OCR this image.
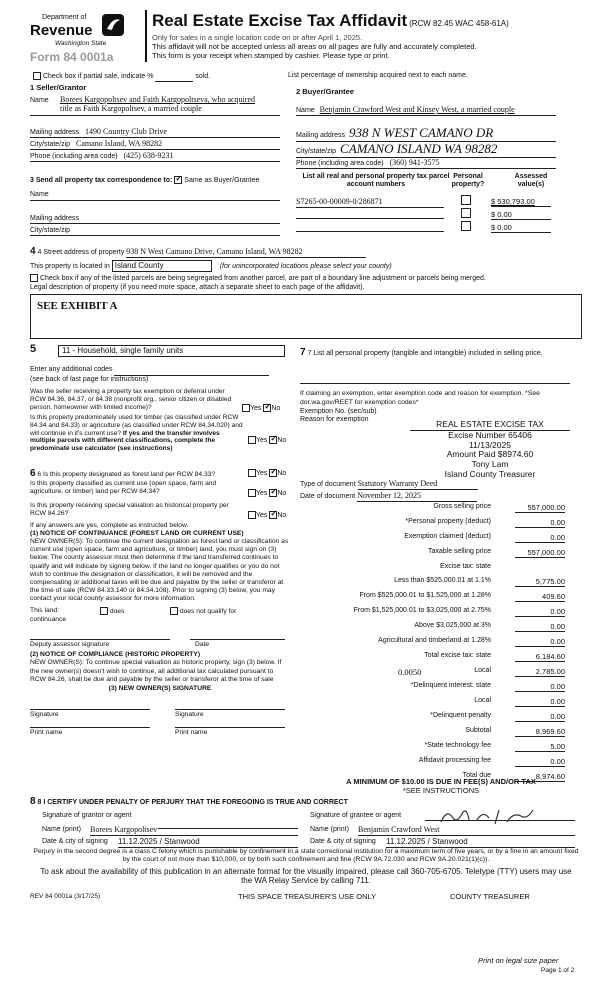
Department of
Revenue
Washington State
Form 84 0001a
Real Estate Excise Tax Affidavit (RCW 82.45 WAC 458-61A)
Only for sales in a single location code on or after April 1, 2025.
This affidavit will not be accepted unless all areas on all pages are fully and accurately completed.
This form is your receipt when stamped by cashier. Please type or print.
Check box if partial sale, indicate %	sold.	List percentage of ownership acquired next to each name.
1 Seller/Grantor
Name Borees Kargopoltsev and Faith Kargopoltseva, who acquired
title as Faith Kargopoltsev, a married couple
Mailing address 1490 Country Club Drive
City/state/zip Camano Island, WA 98282
Phone (including area code) (425) 638-9231
2 Buyer/Grantee
Name Benjamin Crawford West and Kinsey West, a married couple
Mailing address 938 N WEST CAMANO DR
City/state/zip CAMANO ISLAND WA 98282
Phone (including area code) (360) 941-3575
3 Send all property tax correspondence to: ✓ Same as Buyer/Grantee
Name
Mailing address
City/state/zip
List all real and personal property tax parcel account numbers
Personal property?
Assessed value(s)
S7265-00-00009-0/286871	$ 530,793.00
$ 0.00
$ 0.00
4 4 Street address of property 938 N West Camano Drive, Camano Island, WA 98282
This property is located in Island County	(for unincorporated locations please select your county)
Check box if any of the listed parcels are being segregated from another parcel, are part of a boundary line adjustment or parcels being merged.
Legal description of property (if you need more space, attach a separate sheet to each page of the affidavit).
SEE EXHIBIT A
5	11 - Household, single family units
Enter any additional codes
(see back of last page for instructions)
Was the seller receiving a property tax exemption or deferral under RCW 84.36, 84.37, or 84.38 (nonprofit org., senior citizen or disabled person, homeowner with limited income)?	Yes ✓ No
Is this property predominately used for timber (as classified under RCW 84.34 and 84.33) or agriculture (as classified under RCW 84.34.020) and will continue in it's current use? If yes and the transfer involves multiple parcels with different classifications, complete the predominate use calculator (see instructions)
Yes ✓ No
6 6 Is this property designated as forest land per RCW 84.33?	Yes ✓ No
Is this property classified as current use (open space, farm and agriculture, or timber) land per RCW 84.34?	Yes ✓ No
Is this property receiving special valuation as historical property per RCW 84.26?	Yes ✓ No
If any answers are yes, complete as instructed below.
(1) NOTICE OF CONTINUANCE (FOREST LAND OR CURRENT USE)
NEW OWNER(S): To continue the current designation as forest land or classification as current use (open space, farm and agriculture, or timber) land, you must sign on (3) below. The county assessor must then determine if the land transferred continues to qualify and will indicate by signing below. If the land no longer qualifies or you do not wish to continue the designation or classification, it will be removed and the compensating or additional taxes will be due and payable by the seller or transferor at the time of sale (RCW 84.33.140 or 84.34.108). Prior to signing (3) below, you may contact your local county assessor for more information.
This land:	does	does not qualify for
continuance

Deputy assessor signature	Date
(2) NOTICE OF COMPLIANCE (HISTORIC PROPERTY)
NEW OWNER(S): To continue special valuation as historic property, sign (3) below. If the new owner(s) doesn't wish to continue, all additional tax calculated pursuant to RCW 84.26, shall be due and payable by the seller or transferor at the time of sale
(3) NEW OWNER(S) SIGNATURE

Signature	Signature

Print name	Print name
7 7 List all personal property (tangible and intangible) included in selling price.

If claiming an exemption, enter exemption code and reason for exemption. *See dor.wa.gov/REET for exemption codes*
Exemption No. (sec/sub)
Reason for exemption	REAL ESTATE EXCISE TAX
Excise Number 65406
11/13/2025
Amount Paid $8974.60
Tony Lam
Island County Treasurer
Type of document Statutory Warranty Deed
Date of document November 12, 2025
Gross selling price	557,000.00
*Personal property (deduct)	0.00
Exemption claimed (deduct)	0.00
Taxable selling price	557,000.00
Excise tax: state
Less than $525,000.01 at 1.1%	5,775.00
From $525,000.01 to $1,525,000 at 1.28%	409.60
From $1,525,000.01 to $3,025,000 at 2.75%	0.00
Above $3,025,000 at 3%	0.00
Agricultural and timberland at 1.28%	0.00
Total excise tax: state	6,184.60
0.0050	Local	2,785.00
*Delinquent interest: state	0.00
Local	0.00
*Delinquent penalty	0.00
Subtotal	8,969.60
*State technology fee	5.00
Affidavit processing fee	0.00
Total due	8,974.60
A MINIMUM OF $10.00 IS DUE IN FEE(S) AND/OR TAX
*SEE INSTRUCTIONS
8 8 I CERTIFY UNDER PENALTY OF PERJURY THAT THE FOREGOING IS TRUE AND CORRECT
Signature of grantor or agent
	Signature of grantee or agent
Name (print) Borees Kargopoltsev	Name (print) Benjamin Crawford West
Date & city of signing 11.12.2025 / Stanwood	Date & city of signing 11.12.2025 / Stanwood
Perjury in the second degree is a class C felony which is punishable by confinement in a state correctional institution for a maximum term of five years, or by a fine in an amount fixed by the court of not more than $10,000, or by both such confinement and fine (RCW 9A.72.030 and RCW 9A.20.021(1)(c)).
To ask about the availability of this publication in an alternate format for the visually impaired, please call 360-705-6705. Teletype (TTY) users may use the WA Relay Service by calling 711.
REV 84 0001a (3/17/25)	THIS SPACE TREASURER'S USE ONLY	COUNTY TREASURER
Print on legal size paper
Page 1 of 2
